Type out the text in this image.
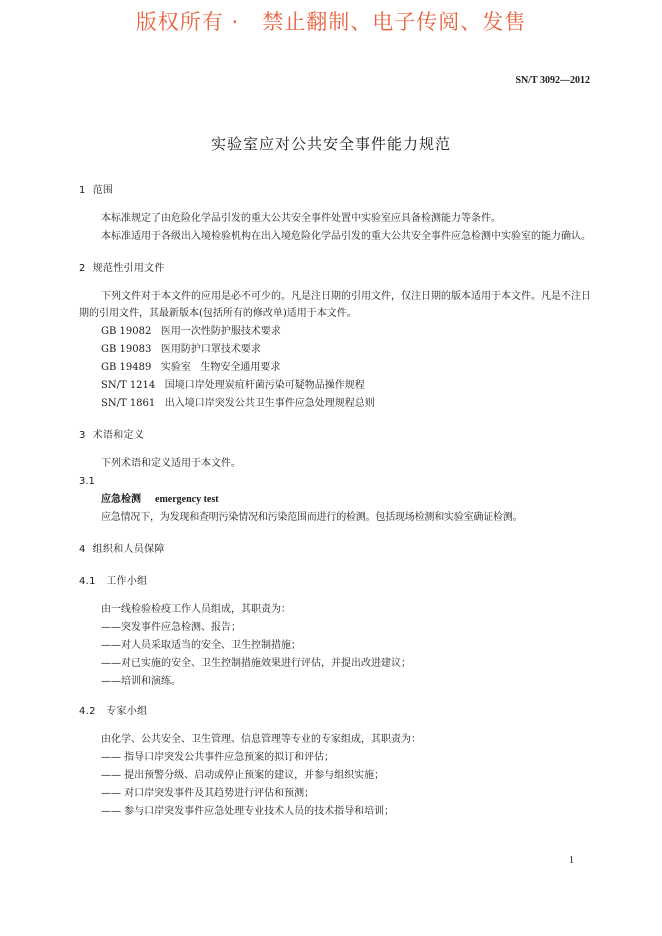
版权所有 ·   禁止翻制、电子传阅、发售
SN/T 3092—2012
实验室应对公共安全事件能力规范
1  范围
本标准规定了由危险化学品引发的重大公共安全事件处置中实验室应具备检测能力等条件。
本标准适用于各级出入境检验机构在出入境危险化学品引发的重大公共安全事件应急检测中实验室的能力确认。
2  规范性引用文件
下列文件对于本文件的应用是必不可少的。凡是注日期的引用文件，仅注日期的版本适用于本文件。凡是不注日期的引用文件，其最新版本(包括所有的修改单)适用于本文件。
GB 19082   医用一次性防护服技术要求
GB 19083   医用防护口罩技术要求
GB 19489   实验室   生物安全通用要求
SN/T 1214   国境口岸处理炭疽杆菌污染可疑物品操作规程
SN/T 1861   出入境口岸突发公共卫生事件应急处理规程总则
3  术语和定义
下列术语和定义适用于本文件。
3.1
应急检测 emergency test
应急情况下，为发现和查明污染情况和污染范围而进行的检测。包括现场检测和实验室确证检测。
4  组织和人员保障
4.1   工作小组
由一线检验检疫工作人员组成，其职责为：
——突发事件应急检测、报告；
——对人员采取适当的安全、卫生控制措施；
——对已实施的安全、卫生控制措施效果进行评估，并提出改进建议；
——培训和演练。
4.2   专家小组
由化学、公共安全、卫生管理、信息管理等专业的专家组成，其职责为：
—— 指导口岸突发公共事件应急预案的拟订和评估；
—— 提出预警分级、启动或停止预案的建议，并参与组织实施；
—— 对口岸突发事件及其趋势进行评估和预测；
—— 参与口岸突发事件应急处理专业技术人员的技术指导和培训；
1
